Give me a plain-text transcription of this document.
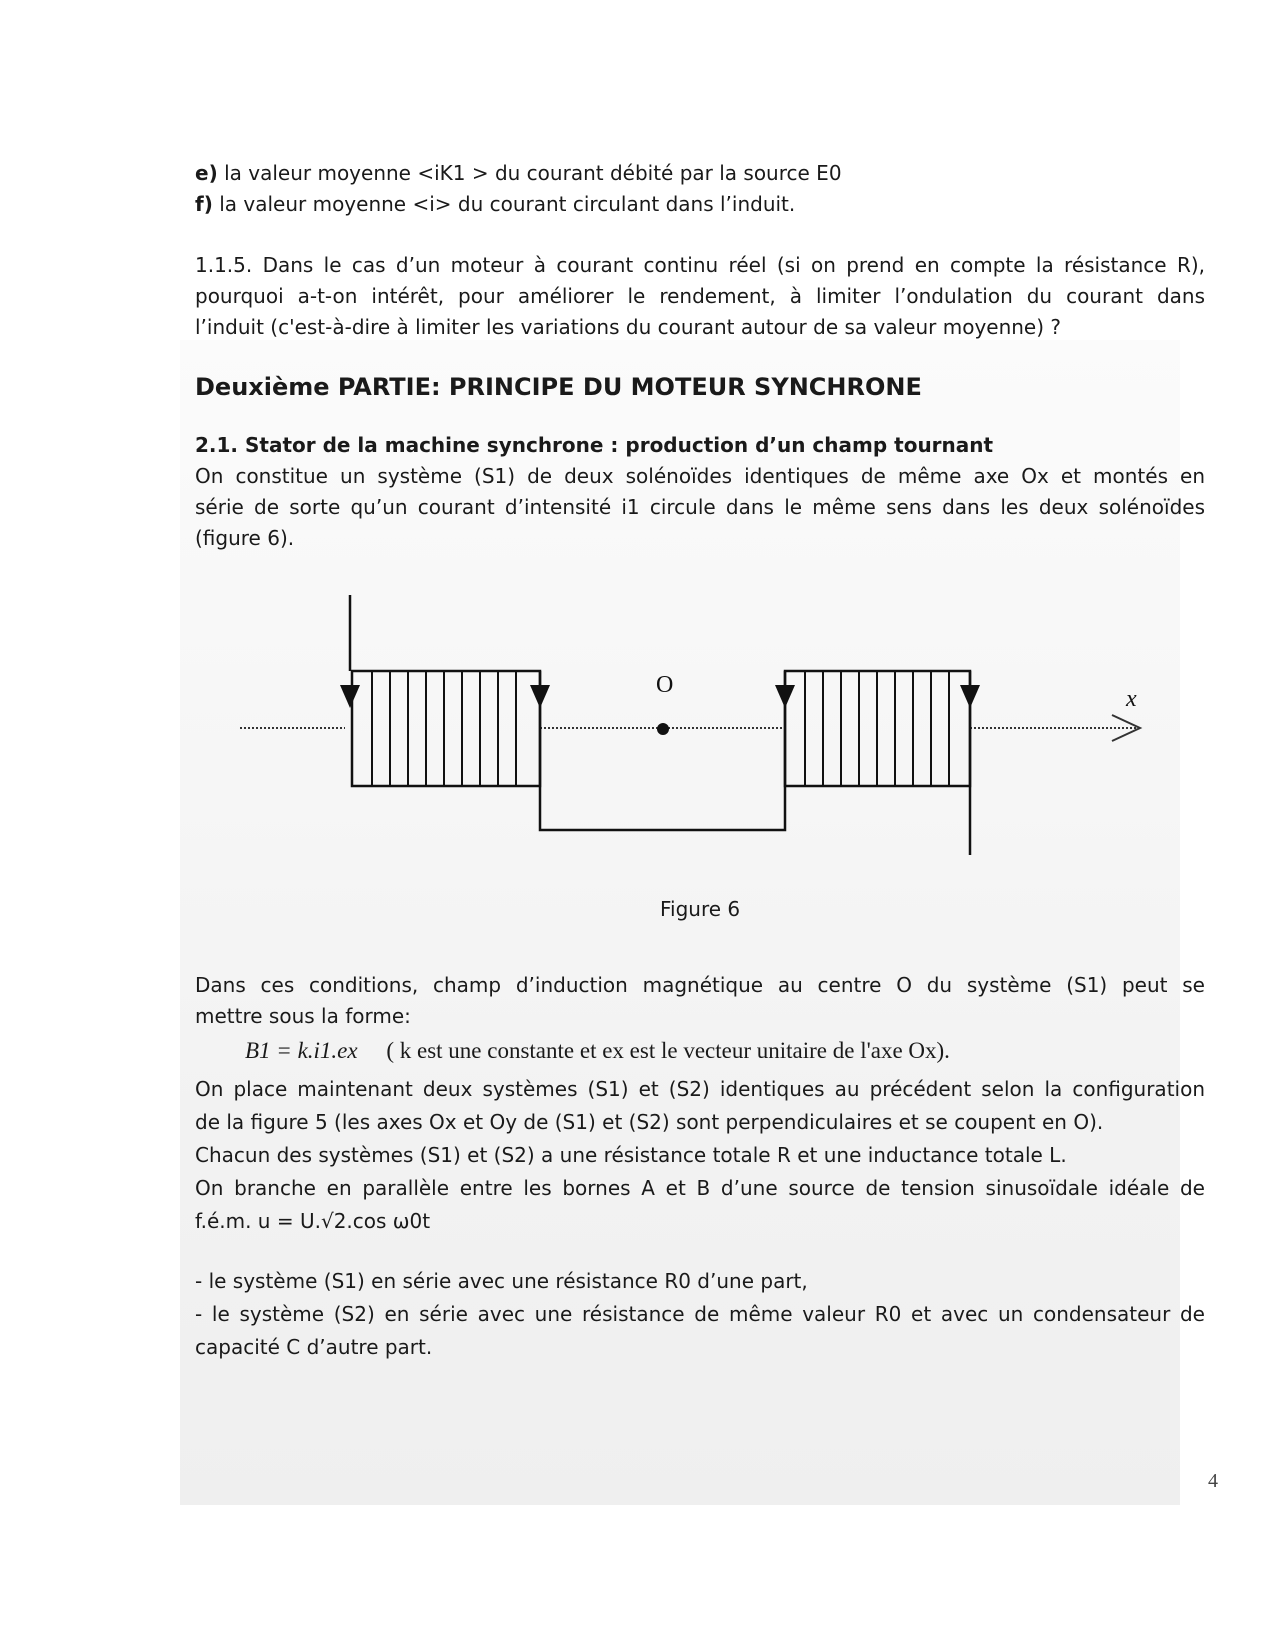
e) la valeur moyenne <iK1 > du courant débité par la source E0
f) la valeur moyenne <i> du courant circulant dans l’induit.
1.1.5. Dans le cas d’un moteur à courant continu réel (si on prend en compte la résistance R),
pourquoi a-t-on intérêt, pour améliorer le rendement, à limiter l’ondulation du courant dans
l’induit (c'est-à-dire à limiter les variations du courant autour de sa valeur moyenne) ?
Deuxième PARTIE: PRINCIPE DU MOTEUR SYNCHRONE
2.1. Stator de la machine synchrone : production d’un champ tournant
On constitue un système (S1) de deux solénoïdes identiques de même axe Ox et montés en
série de sorte qu’un courant d’intensité i1 circule dans le même sens dans les deux solénoïdes
(figure 6).
O
x
Figure 6
Dans ces conditions, champ d’induction magnétique au centre O du système (S1) peut se
mettre sous la forme:
B1 = k.i1.ex ( k est une constante et ex est le vecteur unitaire de l'axe Ox).
On place maintenant deux systèmes (S1) et (S2) identiques au précédent selon la configuration
de la figure 5 (les axes Ox et Oy de (S1) et (S2) sont perpendiculaires et se coupent en O).
Chacun des systèmes (S1) et (S2) a une résistance totale R et une inductance totale L.
On branche en parallèle entre les bornes A et B d’une source de tension sinusoïdale idéale de
f.é.m. u = U.√2.cos ω0t
- le système (S1) en série avec une résistance R0 d’une part,
- le système (S2) en série avec une résistance de même valeur R0 et avec un condensateur de
capacité C d’autre part.
4
